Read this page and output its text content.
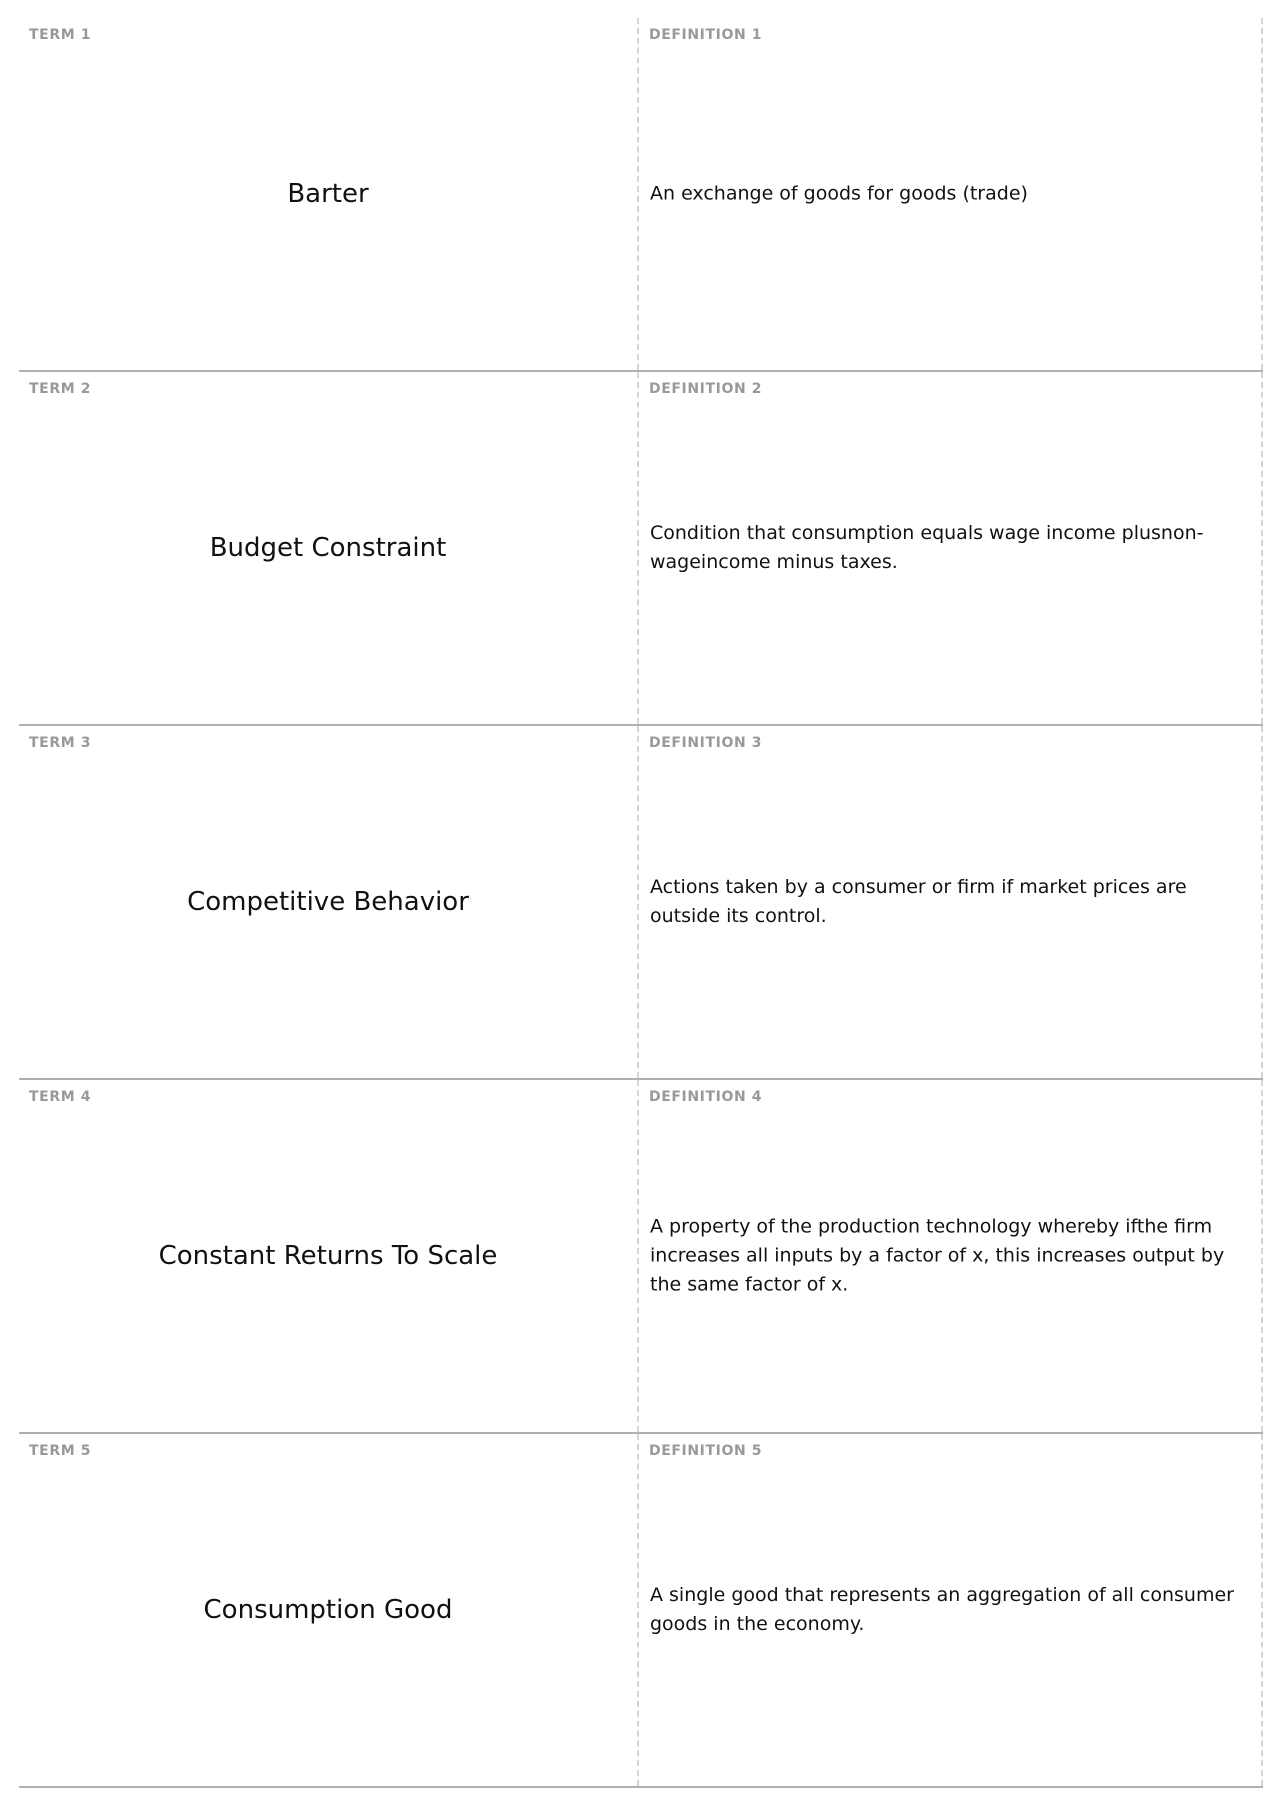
TERM 1
Barter
DEFINITION 1
An exchange of goods for goods (trade)
TERM 2
Budget Constraint
DEFINITION 2
Condition that consumption equals wage income plusnon-wageincome minus taxes.
TERM 3
Competitive Behavior
DEFINITION 3
Actions taken by a consumer or firm if market prices are outside its control.
TERM 4
Constant Returns To Scale
DEFINITION 4
A property of the production technology whereby ifthe firm increases all inputs by a factor of x, this increases output by the same factor of x.
TERM 5
Consumption Good
DEFINITION 5
A single good that represents an aggregation of all consumer goods in the economy.
